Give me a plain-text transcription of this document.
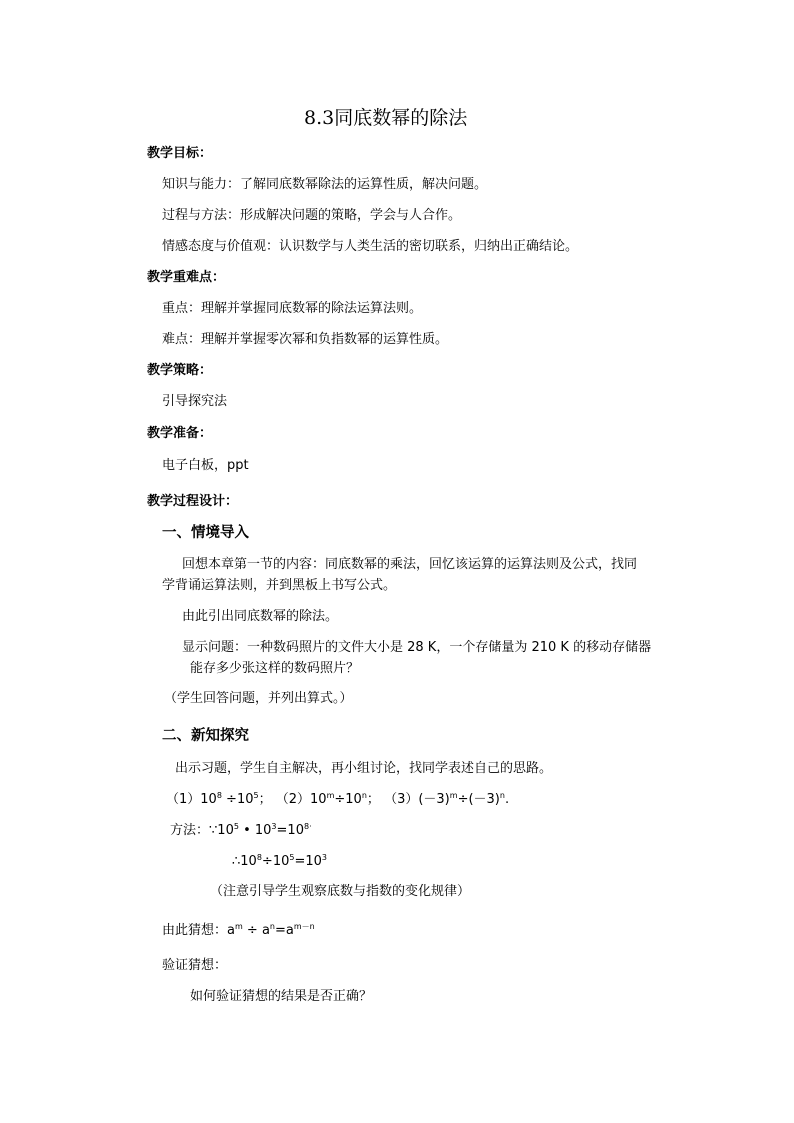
8.3同底数幂的除法
教学目标：
知识与能力：了解同底数幂除法的运算性质，解决问题。
过程与方法：形成解决问题的策略，学会与人合作。
情感态度与价值观：认识数学与人类生活的密切联系，归纳出正确结论。
教学重难点：
重点：理解并掌握同底数幂的除法运算法则。
难点：理解并掌握零次幂和负指数幂的运算性质。
教学策略：
引导探究法
教学准备：
电子白板，ppt
教学过程设计：
一、情境导入
回想本章第一节的内容：同底数幂的乘法，回忆该运算的运算法则及公式，找同
学背诵运算法则，并到黑板上书写公式。
由此引出同底数幂的除法。
显示问题：一种数码照片的文件大小是 28 K，一个存储量为 210 K 的移动存储器
能存多少张这样的数码照片？
（学生回答问题，并列出算式。）
二、新知探究
出示习题，学生自主解决，再小组讨论，找同学表述自己的思路。
$(1)10^8 \div 10^5$； $(2)10^m\div 10^n$； $(3)(-3)^m\div(-3)^n$.
方法：$\because 10^5$ • $10^3=10^{8\cdot}$
$\therefore 10^8\div 10^5=10^3$
（注意引导学生观察底数与指数的变化规律）
由此猜想：$a^m \div a^n=a^{m-n}$
验证猜想：
如何验证猜想的结果是否正确？
